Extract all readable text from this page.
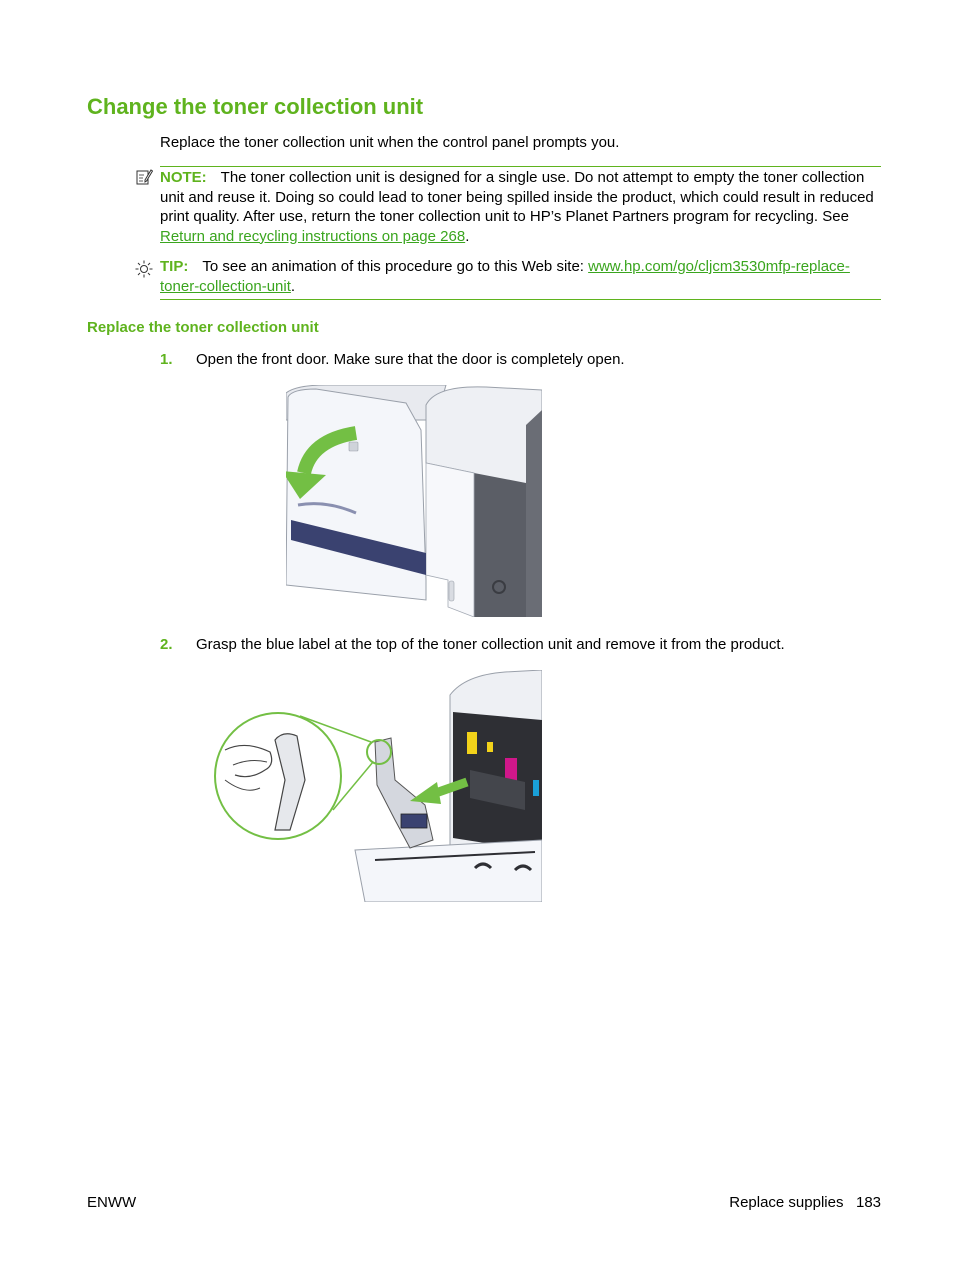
Change the toner collection unit
Replace the toner collection unit when the control panel prompts you.
NOTE: The toner collection unit is designed for a single use. Do not attempt to empty the toner collection unit and reuse it. Doing so could lead to toner being spilled inside the product, which could result in reduced print quality. After use, return the toner collection unit to HP’s Planet Partners program for recycling. See Return and recycling instructions on page 268.
TIP: To see an animation of this procedure go to this Web site: www.hp.com/go/cljcm3530mfp-replace-toner-collection-unit.
Replace the toner collection unit
1. Open the front door. Make sure that the door is completely open.
2. Grasp the blue label at the top of the toner collection unit and remove it from the product.
ENWW	Replace supplies   183
